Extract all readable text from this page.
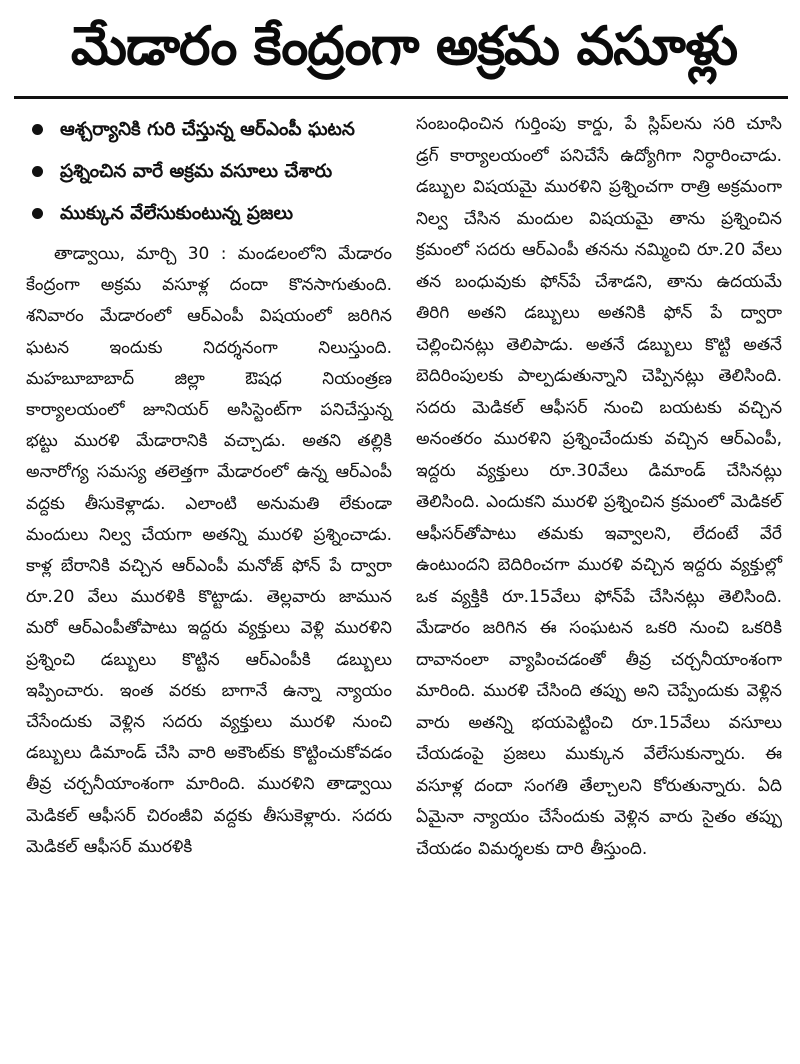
మేడారం కేంద్రంగా అక్రమ వసూళ్లు
ఆశ్చర్యానికి గురి చేస్తున్న ఆర్‌ఎంపీ ఘటన
ప్రశ్నించిన వారే అక్రమ వసూలు చేశారు
ముక్కున వేలేసుకుంటున్న ప్రజలు

తాడ్వాయి, మార్చి 30 : మండలంలోని మేడారం కేంద్రంగా అక్రమ వసూళ్ల దందా కొనసాగుతుంది. శనివారం మేడారంలో ఆర్‌ఎంపీ విషయంలో జరిగిన ఘటన ఇందుకు నిదర్శనంగా నిలుస్తుంది. మహబూబాబాద్ జిల్లా ఔషధ నియంత్రణ కార్యాలయంలో జూనియర్ అసిస్టెంట్‌గా పనిచేస్తున్న భట్టు మురళి మేడారానికి వచ్చాడు. అతని తల్లికి అనారోగ్య సమస్య తలెత్తగా మేడారంలో ఉన్న ఆర్‌ఎంపీ వద్దకు తీసుకెళ్లాడు. ఎలాంటి అనుమతి లేకుండా మందులు నిల్వ చేయగా అతన్ని మురళి ప్రశ్నించాడు. కాళ్ల బేరానికి వచ్చిన ఆర్‌ఎంపీ మనోజ్ ఫోన్ పే ద్వారా రూ.20 వేలు మురళికి కొట్టాడు. తెల్లవారు జామున మరో ఆర్‌ఎంపీతోపాటు ఇద్దరు వ్యక్తులు వెళ్లి మురళిని ప్రశ్నించి డబ్బులు కొట్టిన ఆర్‌ఎంపీకి డబ్బులు ఇప్పించారు. ఇంత వరకు బాగానే ఉన్నా న్యాయం చేసేందుకు వెళ్లిన సదరు వ్యక్తులు మురళి నుంచి డబ్బులు డిమాండ్ చేసి వారి అకౌంట్‌కు కొట్టించుకోవడం తీవ్ర చర్చనీయాంశంగా మారింది. మురళిని తాడ్వాయి మెడికల్ ఆఫీసర్ చిరంజీవి వద్దకు తీసుకెళ్లారు. సదరు మెడికల్ ఆఫీసర్ మురళికి

సంబంధించిన గుర్తింపు కార్డు, పే స్లిప్‌లను సరి చూసి డ్రగ్ కార్యాలయంలో పనిచేసే ఉద్యోగిగా నిర్ధారించాడు. డబ్బుల విషయమై మురళిని ప్రశ్నించగా రాత్రి అక్రమంగా నిల్వ చేసిన మందుల విషయమై తాను ప్రశ్నించిన క్రమంలో సదరు ఆర్‌ఎంపీ తనను నమ్మించి రూ.20 వేలు తన బంధువుకు ఫోన్‌పే చేశాడని, తాను ఉదయమే తిరిగి అతని డబ్బులు అతనికి ఫోన్ పే ద్వారా చెల్లించినట్లు తెలిపాడు. అతనే డబ్బులు కొట్టి అతనే బెదిరింపులకు పాల్పడుతున్నాని చెప్పినట్లు తెలిసింది. సదరు మెడికల్ ఆఫీసర్ నుంచి బయటకు వచ్చిన అనంతరం మురళిని ప్రశ్నించేందుకు వచ్చిన ఆర్‌ఎంపీ, ఇద్దరు వ్యక్తులు రూ.30వేలు డిమాండ్ చేసినట్లు తెలిసింది. ఎందుకని మురళి ప్రశ్నించిన క్రమంలో మెడికల్ ఆఫీసర్‌తోపాటు తమకు ఇవ్వాలని, లేదంటే వేరే ఉంటుందని బెదిరించగా మురళి వచ్చిన ఇద్దరు వ్యక్తుల్లో ఒక వ్యక్తికి రూ.15వేలు ఫోన్‌పే చేసినట్లు తెలిసింది. మేడారం జరిగిన ఈ సంఘటన ఒకరి నుంచి ఒకరికి దావానంలా వ్యాపించడంతో తీవ్ర చర్చనీయాంశంగా మారింది. మురళి చేసింది తప్పు అని చెప్పేందుకు వెళ్లిన వారు అతన్ని భయపెట్టించి రూ.15వేలు వసూలు చేయడంపై ప్రజలు ముక్కున వేలేసుకున్నారు. ఈ వసూళ్ల దందా సంగతి తేల్చాలని కోరుతున్నారు. ఏది ఏమైనా న్యాయం చేసేందుకు వెళ్లిన వారు సైతం తప్పు చేయడం విమర్శలకు దారి తీస్తుంది.
